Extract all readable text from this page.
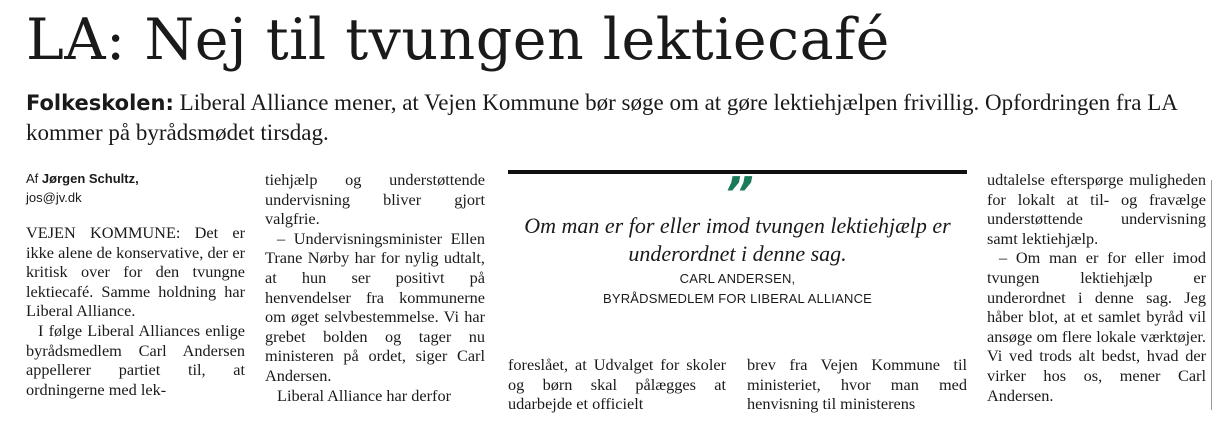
LA: Nej til tvungen lektiecafé

Folkeskolen: Liberal Alliance mener, at Vejen Kommune bør søge om at gøre lektiehjælpen frivillig. Opfordringen fra LA kommer på byrådsmødet tirsdag.

Af Jørgen Schultz,
jos@jv.dk

VEJEN KOMMUNE: Det er ikke alene de konservative, der er kritisk over for den tvungne lektiecafé. Samme holdning har Liberal Alliance.

I følge Liberal Alliances enlige byrådsmedlem Carl Andersen appellerer partiet til, at ordningerne med lek-

tiehjælp og understøttende undervisning bliver gjort valgfrie.

– Undervisningsminister Ellen Trane Nørby har for nylig udtalt, at hun ser positivt på henvendelser fra kommunerne om øget selvbestemmelse. Vi har grebet bolden og tager nu ministeren på ordet, siger Carl Andersen.

Liberal Alliance har derfor

”

Om man er for eller imod tvungen lektiehjælp er underordnet i denne sag.

CARL ANDERSEN,
BYRÅDSMEDLEM FOR LIBERAL ALLIANCE

foreslået, at Udvalget for skoler og børn skal pålægges at udarbejde et officielt

brev fra Vejen Kommune til ministeriet, hvor man med henvisning til ministerens

udtalelse efterspørge muligheden for lokalt at til- og fravælge understøttende undervisning samt lektiehjælp.

– Om man er for eller imod tvungen lektiehjælp er underordnet i denne sag. Jeg håber blot, at et samlet byråd vil ansøge om flere lokale værktøjer. Vi ved trods alt bedst, hvad der virker hos os, mener Carl Andersen.
